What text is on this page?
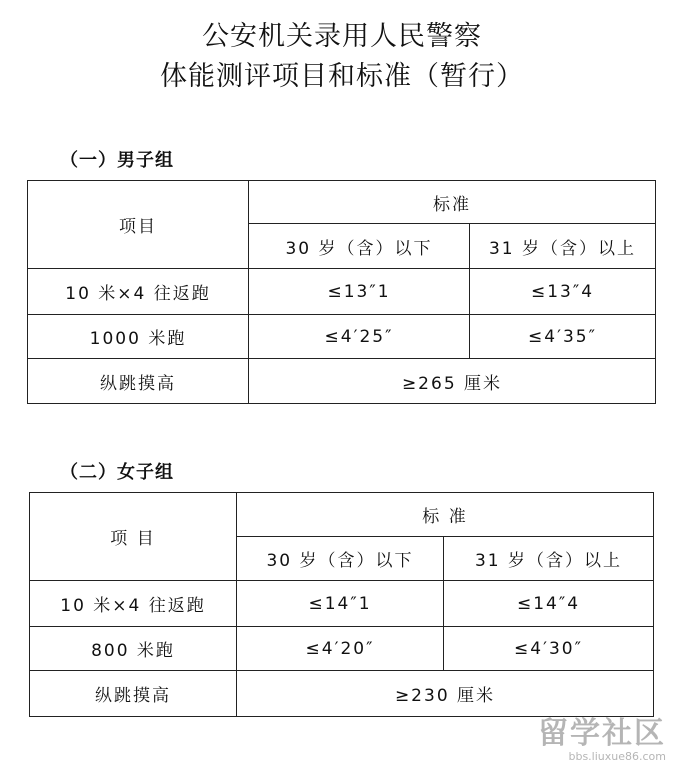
公安机关录用人民警察
体能测评项目和标准（暂行）
（一）男子组
项目	标准	
	30 岁（含）以下	31 岁（含）以上
10 米×4 往返跑	≤13″1	≤13″4
1000 米跑	≤4′25″	≤4′35″
纵跳摸高	≥265 厘米	
（二）女子组
项 目	标 准	
	30 岁（含）以下	31 岁（含）以上
10 米×4 往返跑	≤14″1	≤14″4
800 米跑	≤4′20″	≤4′30″
纵跳摸高	≥230 厘米	
留学社区
bbs.liuxue86.com
